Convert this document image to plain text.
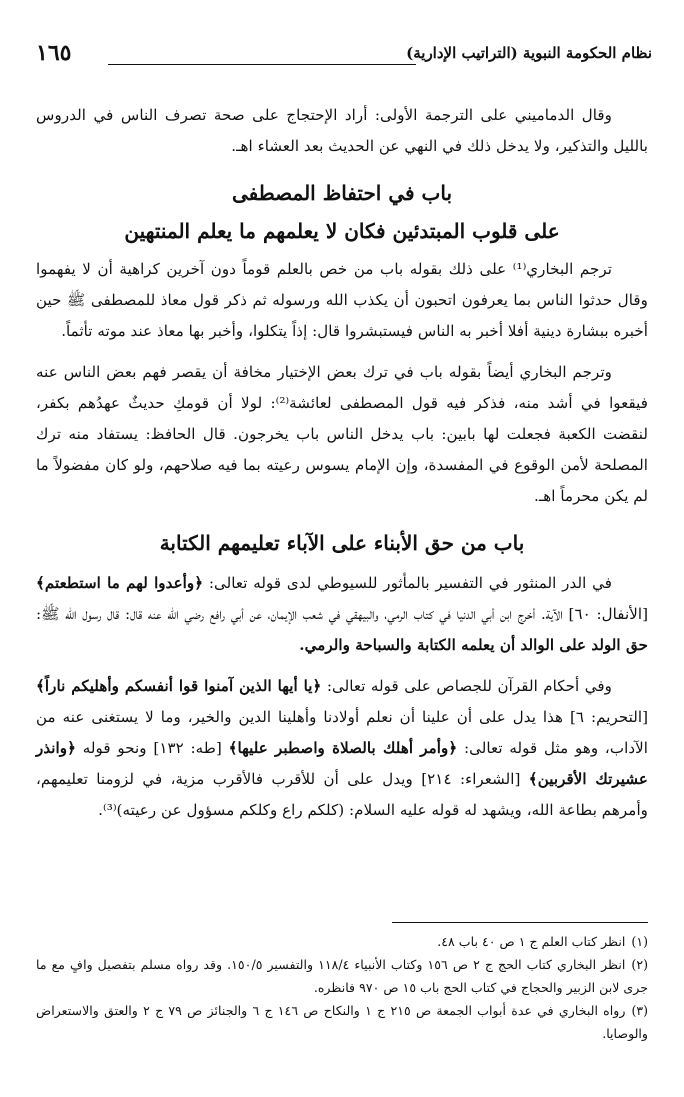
نظام الحكومة النبوية (التراتيب الإدارية)
١٦٥

وقال الدماميني على الترجمة الأولى: أراد الإحتجاج على صحة تصرف الناس في الدروس بالليل والتذكير، ولا يدخل ذلك في النهي عن الحديث بعد العشاء اهـ.

باب في احتفاظ المصطفى
على قلوب المبتدئين فكان لا يعلمهم ما يعلم المنتهين

ترجم البخاري⁽¹⁾ على ذلك بقوله باب من خص بالعلم قوماً دون آخرين كراهية أن لا يفهموا وقال حدثوا الناس بما يعرفون اتحبون أن يكذب الله ورسوله ثم ذكر قول معاذ للمصطفى ﷺ حين أخبره ببشارة دينية أفلا أخبر به الناس فيستبشروا قال: إذاً يتكلوا، وأخبر بها معاذ عند موته تأثماً.

وترجم البخاري أيضاً بقوله باب في ترك بعض الإختيار مخافة أن يقصر فهم بعض الناس عنه فيقعوا في أشد منه، فذكر فيه قول المصطفى لعائشة⁽²⁾: لولا أن قومكِ حديثٌ عهدُهم بكفر، لنقضت الكعبة فجعلت لها بابين: باب يدخل الناس باب يخرجون. قال الحافظ: يستفاد منه ترك المصلحة لأمن الوقوع في المفسدة، وإن الإمام يسوس رعيته بما فيه صلاحهم، ولو كان مفضولاً ما لم يكن محرماً اهـ.

باب من حق الأبناء على الآباء تعليمهم الكتابة

في الدر المنثور في التفسير بالمأثور للسيوطي لدى قوله تعالى: ﴿وأعدوا لهم ما استطعتم﴾ [الأنفال: ٦٠] الآية. أخرج ابن أبي الدنيا في كتاب الرمي، والبيهقي في شعب الإيمان، عن أبي رافع رضي الله عنه قال: قال رسول الله ﷺ: حق الولد على الوالد أن يعلمه الكتابة والسباحة والرمي.

وفي أحكام القرآن للجصاص على قوله تعالى: ﴿يا أيها الذين آمنوا قوا أنفسكم وأهليكم ناراً﴾ [التحريم: ٦] هذا يدل على أن علينا أن نعلم أولادنا وأهلينا الدين والخير، وما لا يستغنى عنه من الآداب، وهو مثل قوله تعالى: ﴿وأمر أهلك بالصلاة واصطبر عليها﴾ [طه: ١٣٢] ونحو قوله ﴿وانذر عشيرتك الأقربين﴾ [الشعراء: ٢١٤] ويدل على أن للأقرب فالأقرب مزية، في لزومنا تعليمهم، وأمرهم بطاعة الله، ويشهد له قوله عليه السلام: (كلكم راع وكلكم مسؤول عن رعيته)⁽³⁾.

(١)انظر كتاب العلم ج ١ ص ٤٠ باب ٤٨.
(٢)انظر البخاري كتاب الحج ج ٢ ص ١٥٦ وكتاب الأنبياء ١١٨/٤ والتفسير ١٥٠/٥. وقد رواه مسلم بتفصيل وافٍ مع ما جرى لابن الزبير والحجاج في كتاب الحج باب ١٥ ص ٩٧٠ فانظره.
(٣)رواه البخاري في عدة أبواب الجمعة ص ٢١٥ ج ١ والنكاح ص ١٤٦ ج ٦ والجنائز ص ٧٩ ج ٢ والعتق والاستعراض والوصايا.
